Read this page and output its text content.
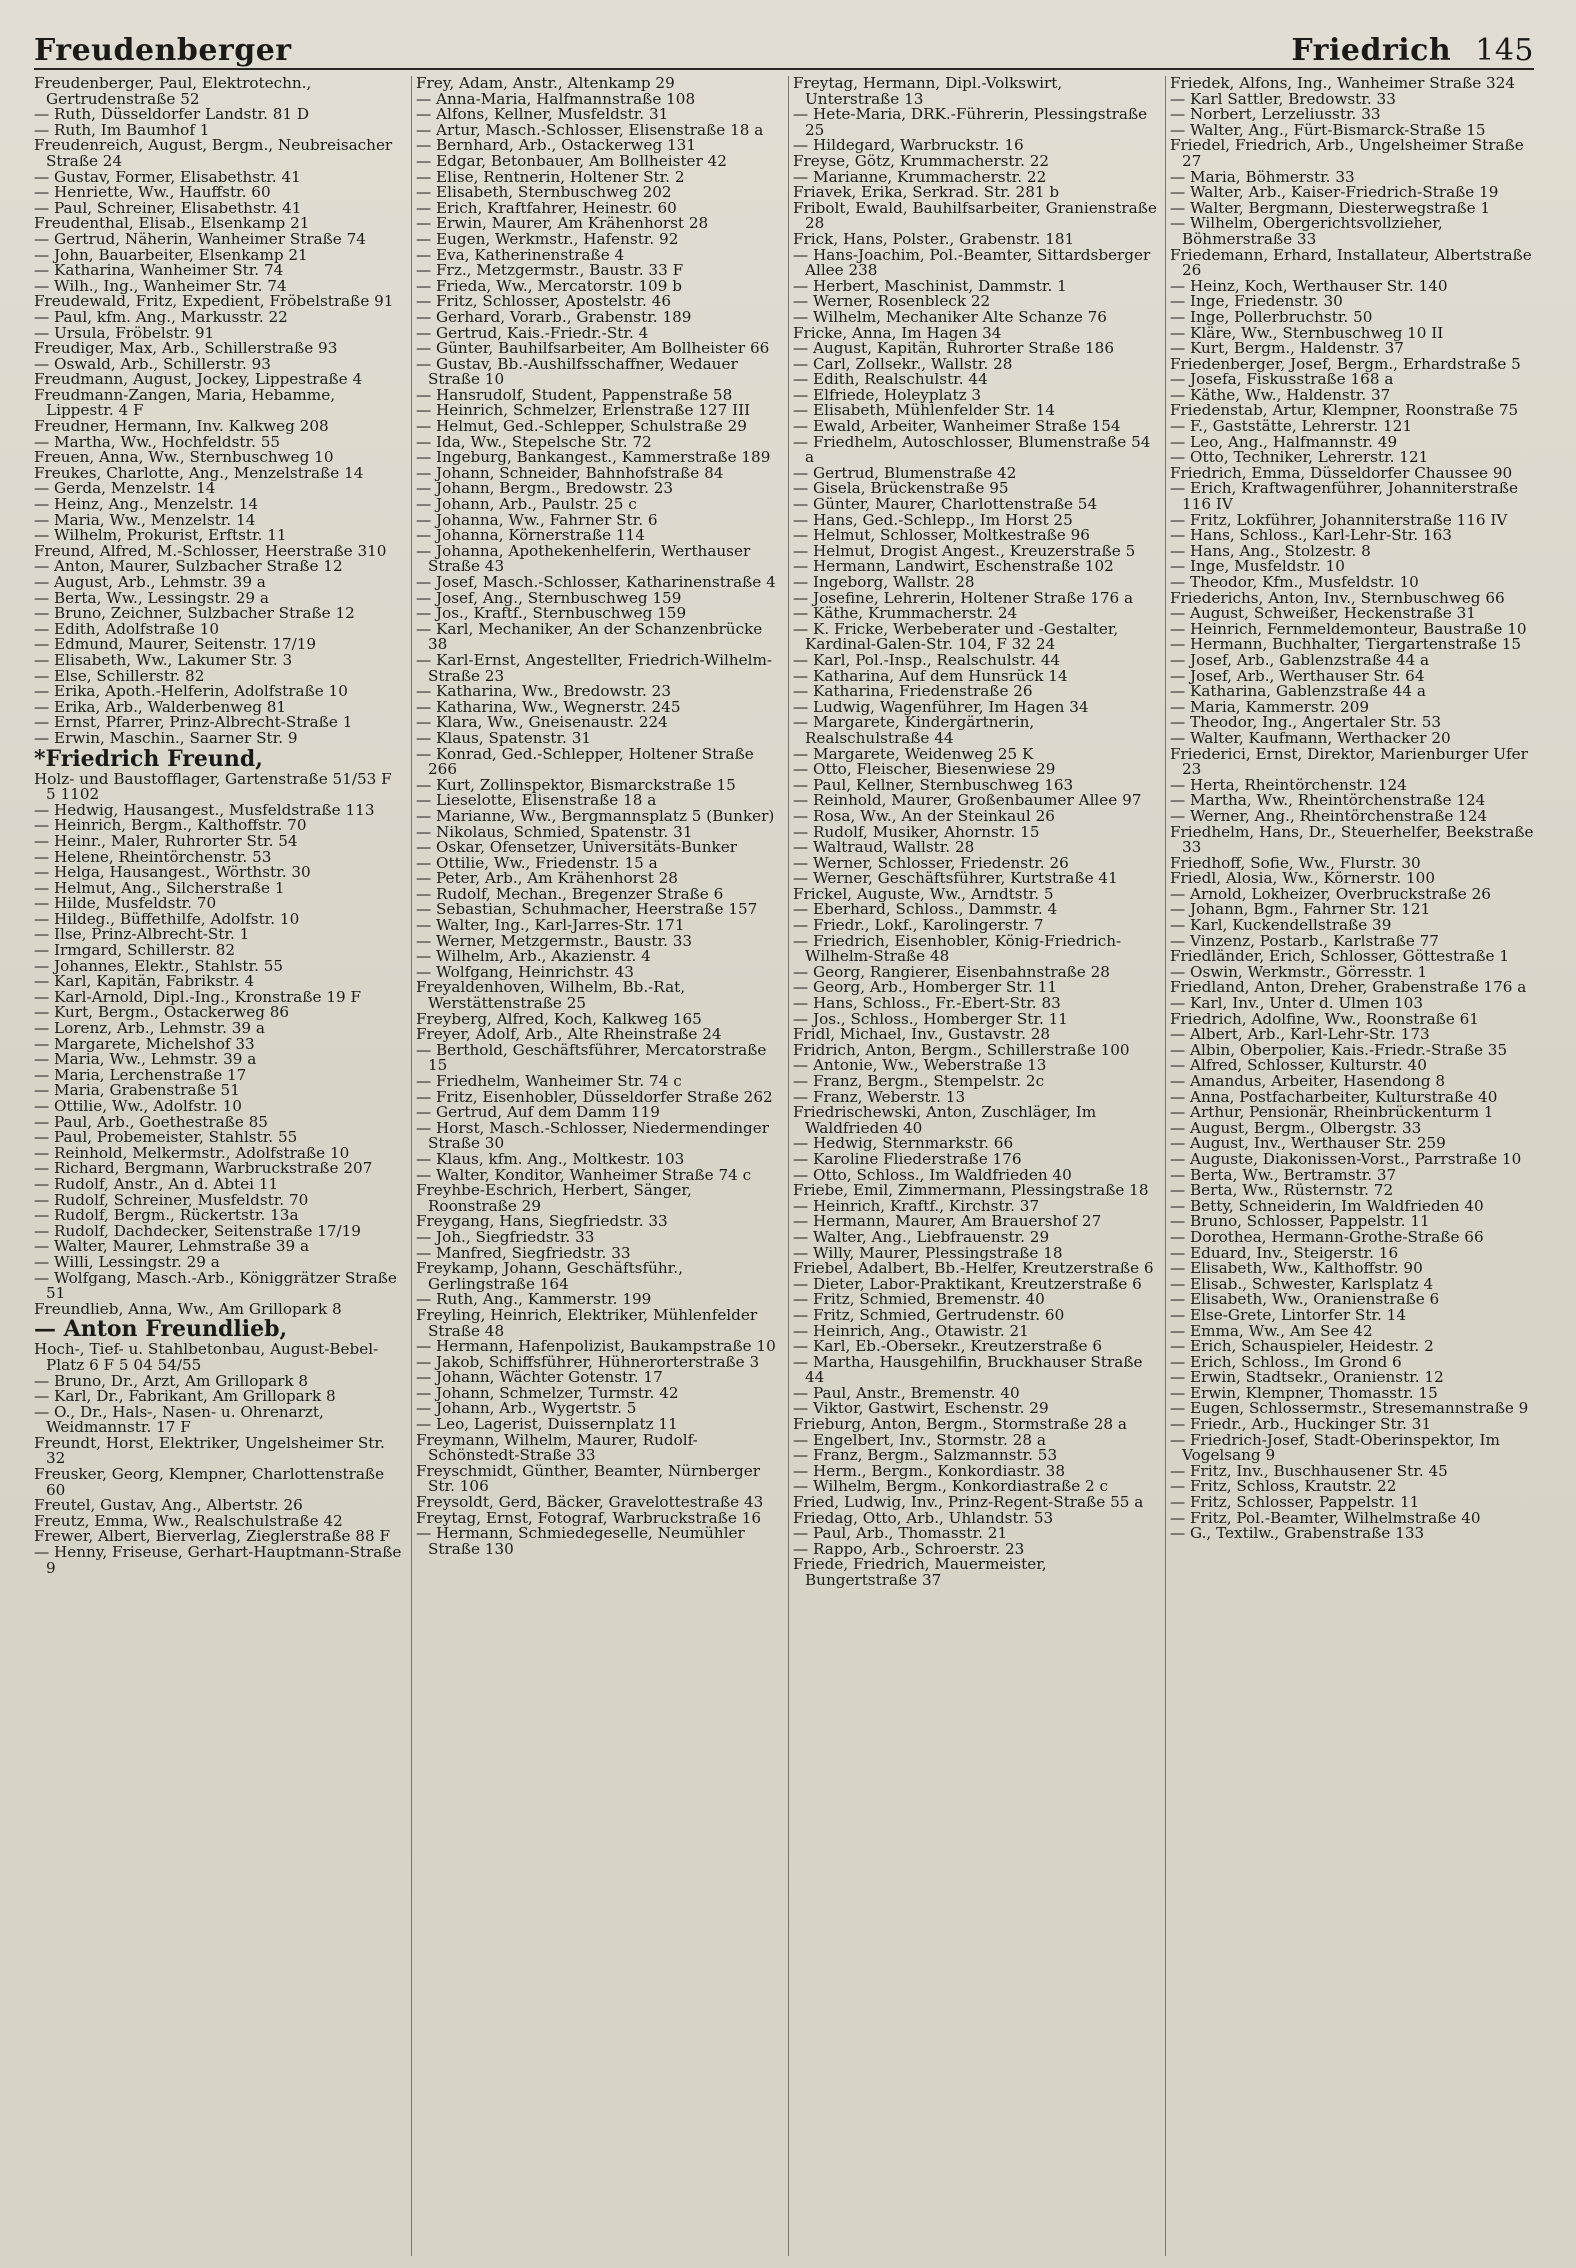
Freudenberger	Friedrich 145

Freudenberger, Paul, Elektrotechn., Gertrudenstraße 52

— Ruth, Düsseldorfer Landstr. 81 D

— Ruth, Im Baumhof 1

Freudenreich, August, Bergm., Neubreisacher Straße 24

— Gustav, Former, Elisabethstr. 41

— Henriette, Ww., Hauffstr. 60

— Paul, Schreiner, Elisabethstr. 41

Freudenthal, Elisab., Elsenkamp 21

— Gertrud, Näherin, Wanheimer Straße 74

— John, Bauarbeiter, Elsenkamp 21

— Katharina, Wanheimer Str. 74

— Wilh., Ing., Wanheimer Str. 74

Freudewald, Fritz, Expedient, Fröbelstraße 91

— Paul, kfm. Ang., Markusstr. 22

— Ursula, Fröbelstr. 91

Freudiger, Max, Arb., Schillerstraße 93

— Oswald, Arb., Schillerstr. 93

Freudmann, August, Jockey, Lippestraße 4

Freudmann-Zangen, Maria, Hebamme, Lippestr. 4 F

Freudner, Hermann, Inv. Kalkweg 208

— Martha, Ww., Hochfeldstr. 55

Freuen, Anna, Ww., Sternbuschweg 10

Freukes, Charlotte, Ang., Menzelstraße 14

— Gerda, Menzelstr. 14

— Heinz, Ang., Menzelstr. 14

— Maria, Ww., Menzelstr. 14

— Wilhelm, Prokurist, Erftstr. 11

Freund, Alfred, M.-Schlosser, Heerstraße 310

— Anton, Maurer, Sulzbacher Straße 12

— August, Arb., Lehmstr. 39 a

— Berta, Ww., Lessingstr. 29 a

— Bruno, Zeichner, Sulzbacher Straße 12

— Edith, Adolfstraße 10

— Edmund, Maurer, Seitenstr. 17/19

— Elisabeth, Ww., Lakumer Str. 3

— Else, Schillerstr. 82

— Erika, Apoth.-Helferin, Adolfstraße 10

— Erika, Arb., Walderbenweg 81

— Ernst, Pfarrer, Prinz-Albrecht-Straße 1

— Erwin, Maschin., Saarner Str. 9

*Friedrich Freund,

Holz- und Baustofflager, Gartenstraße 51/53 F 5 1102

— Hedwig, Hausangest., Musfeldstraße 113

— Heinrich, Bergm., Kalthoffstr. 70

— Heinr., Maler, Ruhrorter Str. 54

— Helene, Rheintörchenstr. 53

— Helga, Hausangest., Wörthstr. 30

— Helmut, Ang., Silcherstraße 1

— Hilde, Musfeldstr. 70

— Hildeg., Büffethilfe, Adolfstr. 10

— Ilse, Prinz-Albrecht-Str. 1

— Irmgard, Schillerstr. 82

— Johannes, Elektr., Stahlstr. 55

— Karl, Kapitän, Fabrikstr. 4

— Karl-Arnold, Dipl.-Ing., Kronstraße 19 F

— Kurt, Bergm., Ostackerweg 86

— Lorenz, Arb., Lehmstr. 39 a

— Margarete, Michelshof 33

— Maria, Ww., Lehmstr. 39 a

— Maria, Lerchenstraße 17

— Maria, Grabenstraße 51

— Ottilie, Ww., Adolfstr. 10

— Paul, Arb., Goethestraße 85

— Paul, Probemeister, Stahlstr. 55

— Reinhold, Melkermstr., Adolfstraße 10

— Richard, Bergmann, Warbruckstraße 207

— Rudolf, Anstr., An d. Abtei 11

— Rudolf, Schreiner, Musfeldstr. 70

— Rudolf, Bergm., Rückertstr. 13a

— Rudolf, Dachdecker, Seitenstraße 17/19

— Walter, Maurer, Lehmstraße 39 a

— Willi, Lessingstr. 29 a

— Wolfgang, Masch.-Arb., Königgrätzer Straße 51

Freundlieb, Anna, Ww., Am Grillopark 8

— Anton Freundlieb,

Hoch-, Tief- u. Stahlbetonbau, August-Bebel-Platz 6 F 5 04 54/55

— Bruno, Dr., Arzt, Am Grillopark 8

— Karl, Dr., Fabrikant, Am Grillopark 8

— O., Dr., Hals-, Nasen- u. Ohrenarzt, Weidmannstr. 17 F

Freundt, Horst, Elektriker, Ungelsheimer Str. 32

Freusker, Georg, Klempner, Charlottenstraße 60

Freutel, Gustav, Ang., Albertstr. 26

Freutz, Emma, Ww., Realschulstraße 42

Frewer, Albert, Bierverlag, Zieglerstraße 88 F

— Henny, Friseuse, Gerhart-Hauptmann-Straße 9

Frey, Adam, Anstr., Altenkamp 29

— Anna-Maria, Halfmannstraße 108

— Alfons, Kellner, Musfeldstr. 31

— Artur, Masch.-Schlosser, Elisenstraße 18 a

— Bernhard, Arb., Ostackerweg 131

— Edgar, Betonbauer, Am Bollheister 42

— Elise, Rentnerin, Holtener Str. 2

— Elisabeth, Sternbuschweg 202

— Erich, Kraftfahrer, Heinestr. 60

— Erwin, Maurer, Am Krähenhorst 28

— Eugen, Werkmstr., Hafenstr. 92

— Eva, Katherinenstraße 4

— Frz., Metzgermstr., Baustr. 33 F

— Frieda, Ww., Mercatorstr. 109 b

— Fritz, Schlosser, Apostelstr. 46

— Gerhard, Vorarb., Grabenstr. 189

— Gertrud, Kais.-Friedr.-Str. 4

— Günter, Bauhilfsarbeiter, Am Bollheister 66

— Gustav, Bb.-Aushilfsschaffner, Wedauer Straße 10

— Hansrudolf, Student, Pappenstraße 58

— Heinrich, Schmelzer, Erlenstraße 127 III

— Helmut, Ged.-Schlepper, Schulstraße 29

— Ida, Ww., Stepelsche Str. 72

— Ingeburg, Bankangest., Kammerstraße 189

— Johann, Schneider, Bahnhofstraße 84

— Johann, Bergm., Bredowstr. 23

— Johann, Arb., Paulstr. 25 c

— Johanna, Ww., Fahrner Str. 6

— Johanna, Körnerstraße 114

— Johanna, Apothekenhelferin, Werthauser Straße 43

— Josef, Masch.-Schlosser, Katharinenstraße 4

— Josef, Ang., Sternbuschweg 159

— Jos., Kraftf., Sternbuschweg 159

— Karl, Mechaniker, An der Schanzenbrücke 38

— Karl-Ernst, Angestellter, Friedrich-Wilhelm-Straße 23

— Katharina, Ww., Bredowstr. 23

— Katharina, Ww., Wegnerstr. 245

— Klara, Ww., Gneisenaustr. 224

— Klaus, Spatenstr. 31

— Konrad, Ged.-Schlepper, Holtener Straße 266

— Kurt, Zollinspektor, Bismarckstraße 15

— Lieselotte, Elisenstraße 18 a

— Marianne, Ww., Bergmannsplatz 5 (Bunker)

— Nikolaus, Schmied, Spatenstr. 31

— Oskar, Ofensetzer, Universitäts-Bunker

— Ottilie, Ww., Friedenstr. 15 a

— Peter, Arb., Am Krähenhorst 28

— Rudolf, Mechan., Bregenzer Straße 6

— Sebastian, Schuhmacher, Heerstraße 157

— Walter, Ing., Karl-Jarres-Str. 171

— Werner, Metzgermstr., Baustr. 33

— Wilhelm, Arb., Akazienstr. 4

— Wolfgang, Heinrichstr. 43

Freyaldenhoven, Wilhelm, Bb.-Rat, Werstättenstraße 25

Freyberg, Alfred, Koch, Kalkweg 165

Freyer, Adolf, Arb., Alte Rheinstraße 24

— Berthold, Geschäftsführer, Mercatorstraße 15

— Friedhelm, Wanheimer Str. 74 c

— Fritz, Eisenhobler, Düsseldorfer Straße 262

— Gertrud, Auf dem Damm 119

— Horst, Masch.-Schlosser, Niedermendinger Straße 30

— Klaus, kfm. Ang., Moltkestr. 103

— Walter, Konditor, Wanheimer Straße 74 c

Freyhbe-Eschrich, Herbert, Sänger, Roonstraße 29

Freygang, Hans, Siegfriedstr. 33

— Joh., Siegfriedstr. 33

— Manfred, Siegfriedstr. 33

Freykamp, Johann, Geschäftsführ., Gerlingstraße 164

— Ruth, Ang., Kammerstr. 199

Freyling, Heinrich, Elektriker, Mühlenfelder Straße 48

— Hermann, Hafenpolizist, Baukampstraße 10

— Jakob, Schiffsführer, Hühnerorterstraße 3

— Johann, Wächter Gotenstr. 17

— Johann, Schmelzer, Turmstr. 42

— Johann, Arb., Wygertstr. 5

— Leo, Lagerist, Duissernplatz 11

Freymann, Wilhelm, Maurer, Rudolf-Schönstedt-Straße 33

Freyschmidt, Günther, Beamter, Nürnberger Str. 106

Freysoldt, Gerd, Bäcker, Gravelottestraße 43

Freytag, Ernst, Fotograf, Warbruckstraße 16

— Hermann, Schmiedegeselle, Neumühler Straße 130

Freytag, Hermann, Dipl.-Volkswirt, Unterstraße 13

— Hete-Maria, DRK.-Führerin, Plessingstraße 25

— Hildegard, Warbruckstr. 16

Freyse, Götz, Krummacherstr. 22

— Marianne, Krummacherstr. 22

Friavek, Erika, Serkrad. Str. 281 b

Fribolt, Ewald, Bauhilfsarbeiter, Granienstraße 28

Frick, Hans, Polster., Grabenstr. 181

— Hans-Joachim, Pol.-Beamter, Sittardsberger Allee 238

— Herbert, Maschinist, Dammstr. 1

— Werner, Rosenbleck 22

— Wilhelm, Mechaniker Alte Schanze 76

Fricke, Anna, Im Hagen 34

— August, Kapitän, Ruhrorter Straße 186

— Carl, Zollsekr., Wallstr. 28

— Edith, Realschulstr. 44

— Elfriede, Holeyplatz 3

— Elisabeth, Mühlenfelder Str. 14

— Ewald, Arbeiter, Wanheimer Straße 154

— Friedhelm, Autoschlosser, Blumenstraße 54 a

— Gertrud, Blumenstraße 42

— Gisela, Brückenstraße 95

— Günter, Maurer, Charlottenstraße 54

— Hans, Ged.-Schlepp., Im Horst 25

— Helmut, Schlosser, Moltkestraße 96

— Helmut, Drogist Angest., Kreuzerstraße 5

— Hermann, Landwirt, Eschenstraße 102

— Ingeborg, Wallstr. 28

— Josefine, Lehrerin, Holtener Straße 176 a

— Käthe, Krummacherstr. 24

— K. Fricke, Werbeberater und -Gestalter, Kardinal-Galen-Str. 104, F 32 24

— Karl, Pol.-Insp., Realschulstr. 44

— Katharina, Auf dem Hunsrück 14

— Katharina, Friedenstraße 26

— Ludwig, Wagenführer, Im Hagen 34

— Margarete, Kindergärtnerin, Realschulstraße 44

— Margarete, Weidenweg 25 K

— Otto, Fleischer, Biesenwiese 29

— Paul, Kellner, Sternbuschweg 163

— Reinhold, Maurer, Großenbaumer Allee 97

— Rosa, Ww., An der Steinkaul 26

— Rudolf, Musiker, Ahornstr. 15

— Waltraud, Wallstr. 28

— Werner, Schlosser, Friedenstr. 26

— Werner, Geschäftsführer, Kurtstraße 41

Frickel, Auguste, Ww., Arndtstr. 5

— Eberhard, Schloss., Dammstr. 4

— Friedr., Lokf., Karolingerstr. 7

— Friedrich, Eisenhobler, König-Friedrich-Wilhelm-Straße 48

— Georg, Rangierer, Eisenbahnstraße 28

— Georg, Arb., Homberger Str. 11

— Hans, Schloss., Fr.-Ebert-Str. 83

— Jos., Schloss., Homberger Str. 11

Fridl, Michael, Inv., Gustavstr. 28

Fridrich, Anton, Bergm., Schillerstraße 100

— Antonie, Ww., Weberstraße 13

— Franz, Bergm., Stempelstr. 2c

— Franz, Weberstr. 13

Friedrischewski, Anton, Zuschläger, Im Waldfrieden 40

— Hedwig, Sternmarkstr. 66

— Karoline Fliederstraße 176

— Otto, Schloss., Im Waldfrieden 40

Friebe, Emil, Zimmermann, Plessingstraße 18

— Heinrich, Kraftf., Kirchstr. 37

— Hermann, Maurer, Am Brauershof 27

— Walter, Ang., Liebfrauenstr. 29

— Willy, Maurer, Plessingstraße 18

Friebel, Adalbert, Bb.-Helfer, Kreutzerstraße 6

— Dieter, Labor-Praktikant, Kreutzerstraße 6

— Fritz, Schmied, Bremenstr. 40

— Fritz, Schmied, Gertrudenstr. 60

— Heinrich, Ang., Otawistr. 21

— Karl, Eb.-Obersekr., Kreutzerstraße 6

— Martha, Hausgehilfin, Bruckhauser Straße 44

— Paul, Anstr., Bremenstr. 40

— Viktor, Gastwirt, Eschenstr. 29

Frieburg, Anton, Bergm., Stormstraße 28 a

— Engelbert, Inv., Stormstr. 28 a

— Franz, Bergm., Salzmannstr. 53

— Herm., Bergm., Konkordiastr. 38

— Wilhelm, Bergm., Konkordiastraße 2 c

Fried, Ludwig, Inv., Prinz-Regent-Straße 55 a

Friedag, Otto, Arb., Uhlandstr. 53

— Paul, Arb., Thomasstr. 21

— Rappo, Arb., Schroerstr. 23

Friede, Friedrich, Mauermeister, Bungertstraße 37

Friedek, Alfons, Ing., Wanheimer Straße 324

— Karl Sattler, Bredowstr. 33

— Norbert, Lerzeliusstr. 33

— Walter, Ang., Fürt-Bismarck-Straße 15

Friedel, Friedrich, Arb., Ungelsheimer Straße 27

— Maria, Böhmerstr. 33

— Walter, Arb., Kaiser-Friedrich-Straße 19

— Walter, Bergmann, Diesterwegstraße 1

— Wilhelm, Obergerichtsvollzieher, Böhmerstraße 33

Friedemann, Erhard, Installateur, Albertstraße 26

— Heinz, Koch, Werthauser Str. 140

— Inge, Friedenstr. 30

— Inge, Pollerbruchstr. 50

— Kläre, Ww., Sternbuschweg 10 II

— Kurt, Bergm., Haldenstr. 37

Friedenberger, Josef, Bergm., Erhardstraße 5

— Josefa, Fiskusstraße 168 a

— Käthe, Ww., Haldenstr. 37

Friedenstab, Artur, Klempner, Roonstraße 75

— F., Gaststätte, Lehrerstr. 121

— Leo, Ang., Halfmannstr. 49

— Otto, Techniker, Lehrerstr. 121

Friedrich, Emma, Düsseldorfer Chaussee 90

— Erich, Kraftwagenführer, Johanniterstraße 116 IV

— Fritz, Lokführer, Johanniterstraße 116 IV

— Hans, Schloss., Karl-Lehr-Str. 163

— Hans, Ang., Stolzestr. 8

— Inge, Musfeldstr. 10

— Theodor, Kfm., Musfeldstr. 10

Friederichs, Anton, Inv., Sternbuschweg 66

— August, Schweißer, Heckenstraße 31

— Heinrich, Fernmeldemonteur, Baustraße 10

— Hermann, Buchhalter, Tiergartenstraße 15

— Josef, Arb., Gablenzstraße 44 a

— Josef, Arb., Werthauser Str. 64

— Katharina, Gablenzstraße 44 a

— Maria, Kammerstr. 209

— Theodor, Ing., Angertaler Str. 53

— Walter, Kaufmann, Werthacker 20

Friederici, Ernst, Direktor, Marienburger Ufer 23

— Herta, Rheintörchenstr. 124

— Martha, Ww., Rheintörchenstraße 124

— Werner, Ang., Rheintörchenstraße 124

Friedhelm, Hans, Dr., Steuerhelfer, Beekstraße 33

Friedhoff, Sofie, Ww., Flurstr. 30

Friedl, Alosia, Ww., Körnerstr. 100

— Arnold, Lokheizer, Overbruckstraße 26

— Johann, Bgm., Fahrner Str. 121

— Karl, Kuckendellstraße 39

— Vinzenz, Postarb., Karlstraße 77

Friedländer, Erich, Schlosser, Göttestraße 1

— Oswin, Werkmstr., Görresstr. 1

Friedland, Anton, Dreher, Grabenstraße 176 a

— Karl, Inv., Unter d. Ulmen 103

Friedrich, Adolfine, Ww., Roonstraße 61

— Albert, Arb., Karl-Lehr-Str. 173

— Albin, Oberpolier, Kais.-Friedr.-Straße 35

— Alfred, Schlosser, Kulturstr. 40

— Amandus, Arbeiter, Hasendong 8

— Anna, Postfacharbeiter, Kulturstraße 40

— Arthur, Pensionär, Rheinbrückenturm 1

— August, Bergm., Olbergstr. 33

— August, Inv., Werthauser Str. 259

— Auguste, Diakonissen-Vorst., Parrstraße 10

— Berta, Ww., Bertramstr. 37

— Berta, Ww., Rüsternstr. 72

— Betty, Schneiderin, Im Waldfrieden 40

— Bruno, Schlosser, Pappelstr. 11

— Dorothea, Hermann-Grothe-Straße 66

— Eduard, Inv., Steigerstr. 16

— Elisabeth, Ww., Kalthoffstr. 90

— Elisab., Schwester, Karlsplatz 4

— Elisabeth, Ww., Oranienstraße 6

— Else-Grete, Lintorfer Str. 14

— Emma, Ww., Am See 42

— Erich, Schauspieler, Heidestr. 2

— Erich, Schloss., Im Grond 6

— Erwin, Stadtsekr., Oranienstr. 12

— Erwin, Klempner, Thomasstr. 15

— Eugen, Schlossermstr., Stresemannstraße 9

— Friedr., Arb., Huckinger Str. 31

— Friedrich-Josef, Stadt-Oberinspektor, Im Vogelsang 9

— Fritz, Inv., Buschhausener Str. 45

— Fritz, Schloss, Krautstr. 22

— Fritz, Schlosser, Pappelstr. 11

— Fritz, Pol.-Beamter, Wilhelmstraße 40

— G., Textilw., Grabenstraße 133
